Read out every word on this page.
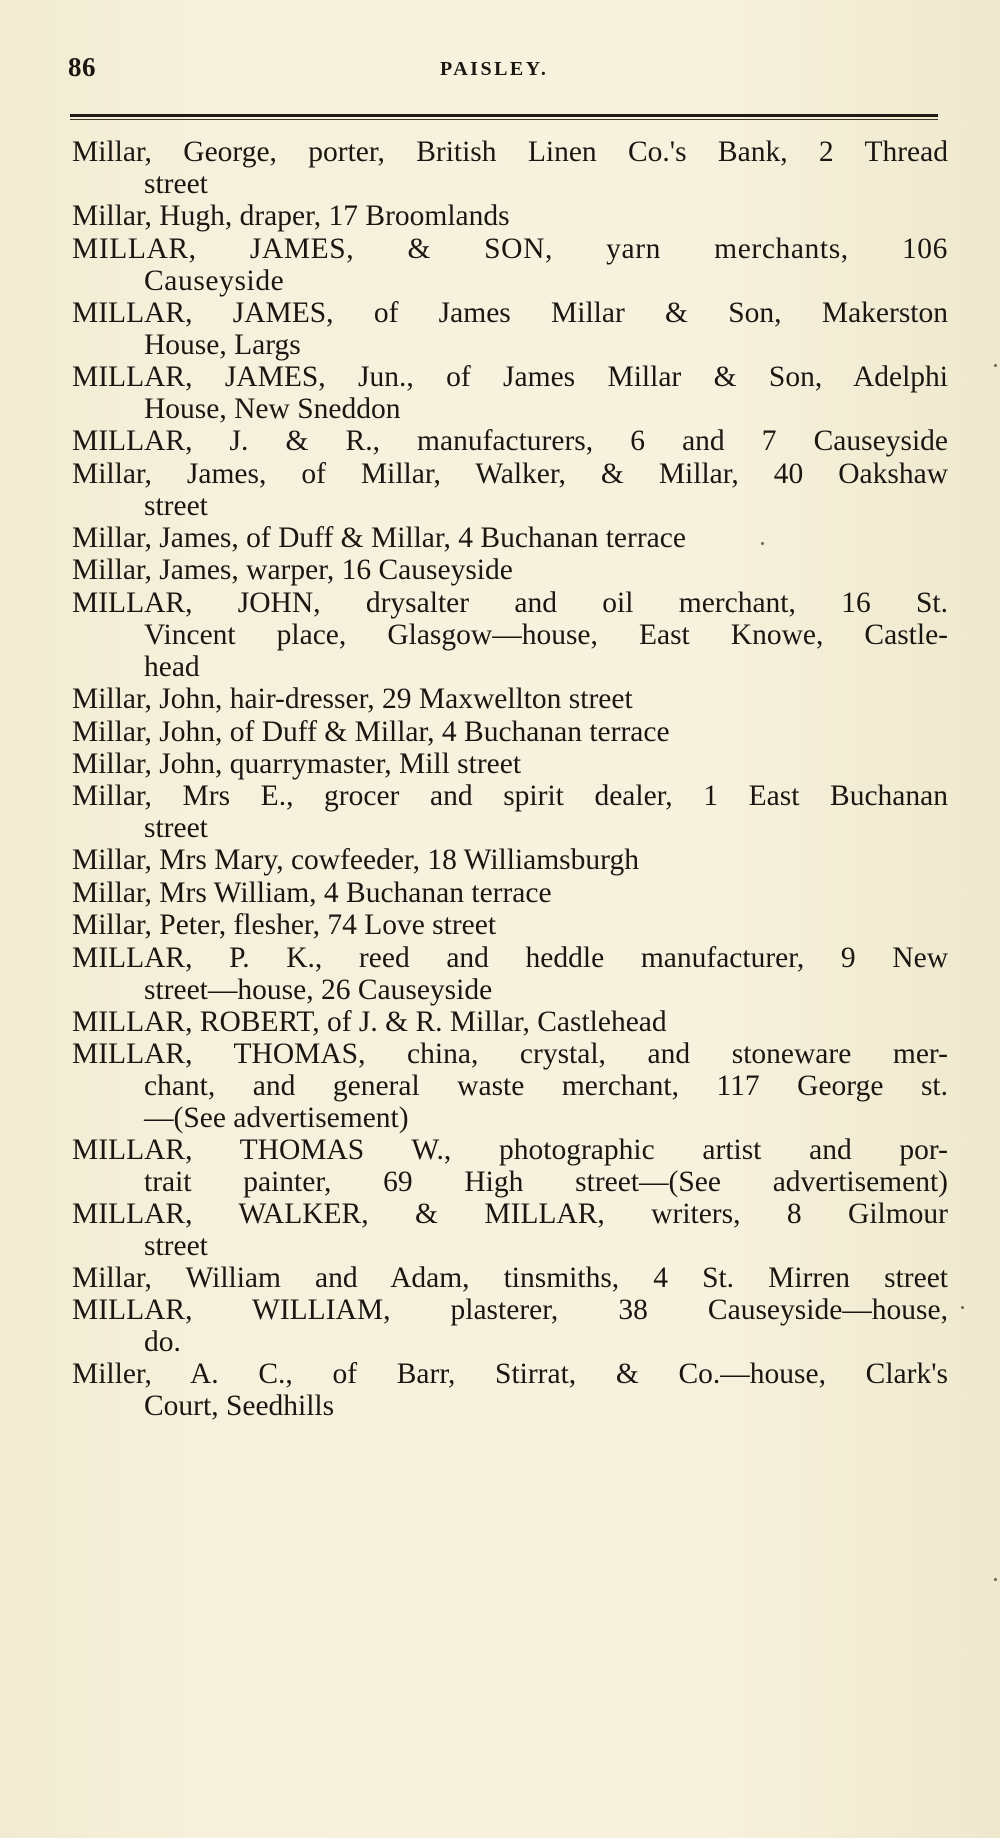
86	PAISLEY.
Millar, George, porter, British Linen Co.'s Bank, 2 Thread
street
Millar, Hugh, draper, 17 Broomlands
MILLAR, JAMES, & SON, yarn merchants, 106
Causeyside
MILLAR, JAMES, of James Millar & Son, Makerston
House, Largs
MILLAR, JAMES, Jun., of James Millar & Son, Adelphi
House, New Sneddon
MILLAR, J. & R., manufacturers, 6 and 7 Causeyside
Millar, James, of Millar, Walker, & Millar, 40 Oakshaw
street
Millar, James, of Duff & Millar, 4 Buchanan terrace
Millar, James, warper, 16 Causeyside
MILLAR, JOHN, drysalter and oil merchant, 16 St.
Vincent place, Glasgow—house, East Knowe, Castle-
head
Millar, John, hair-dresser, 29 Maxwellton street
Millar, John, of Duff & Millar, 4 Buchanan terrace
Millar, John, quarrymaster, Mill street
Millar, Mrs E., grocer and spirit dealer, 1 East Buchanan
street
Millar, Mrs Mary, cowfeeder, 18 Williamsburgh
Millar, Mrs William, 4 Buchanan terrace
Millar, Peter, flesher, 74 Love street
MILLAR, P. K., reed and heddle manufacturer, 9 New
street—house, 26 Causeyside
MILLAR, ROBERT, of J. & R. Millar, Castlehead
MILLAR, THOMAS, china, crystal, and stoneware mer-
chant, and general waste merchant, 117 George st.
—(See advertisement)
MILLAR, THOMAS W., photographic artist and por-
trait painter, 69 High street—(See advertisement)
MILLAR, WALKER, & MILLAR, writers, 8 Gilmour
street
Millar, William and Adam, tinsmiths, 4 St. Mirren street
MILLAR, WILLIAM, plasterer, 38 Causeyside—house,
do.
Miller, A. C., of Barr, Stirrat, & Co.—house, Clark's
Court, Seedhills
